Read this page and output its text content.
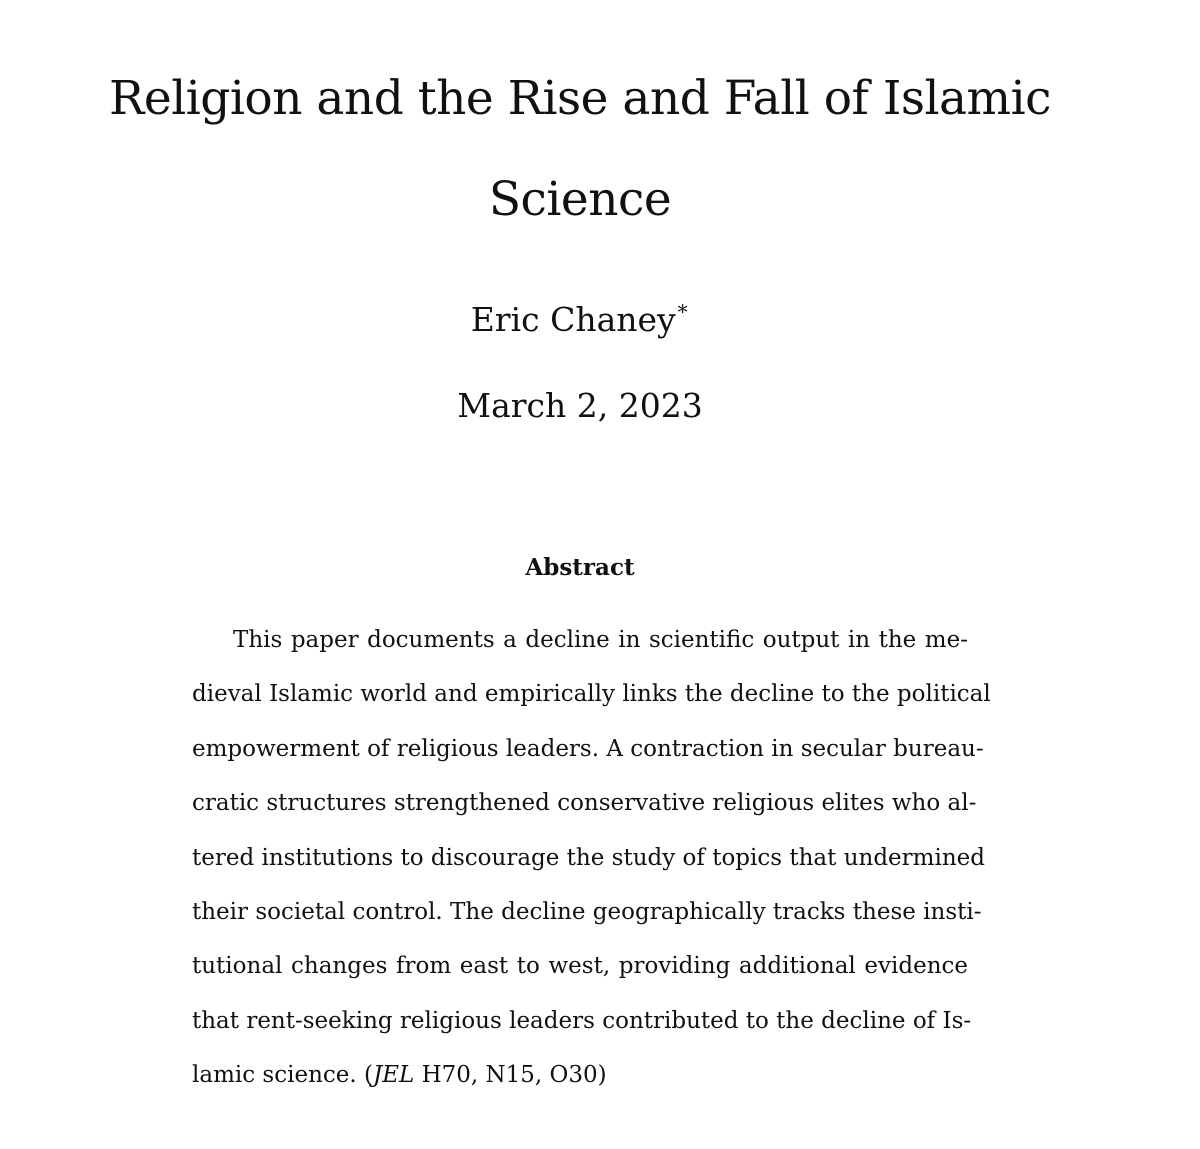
Religion and the Rise and Fall of Islamic
Science
Eric Chaney∗
March 2, 2023
Abstract
This paper documents a decline in scientific output in the me-
dieval Islamic world and empirically links the decline to the political
empowerment of religious leaders. A contraction in secular bureau-
cratic structures strengthened conservative religious elites who al-
tered institutions to discourage the study of topics that undermined
their societal control. The decline geographically tracks these insti-
tutional changes from east to west, providing additional evidence
that rent-seeking religious leaders contributed to the decline of Is-
lamic science. (JEL H70, N15, O30)
